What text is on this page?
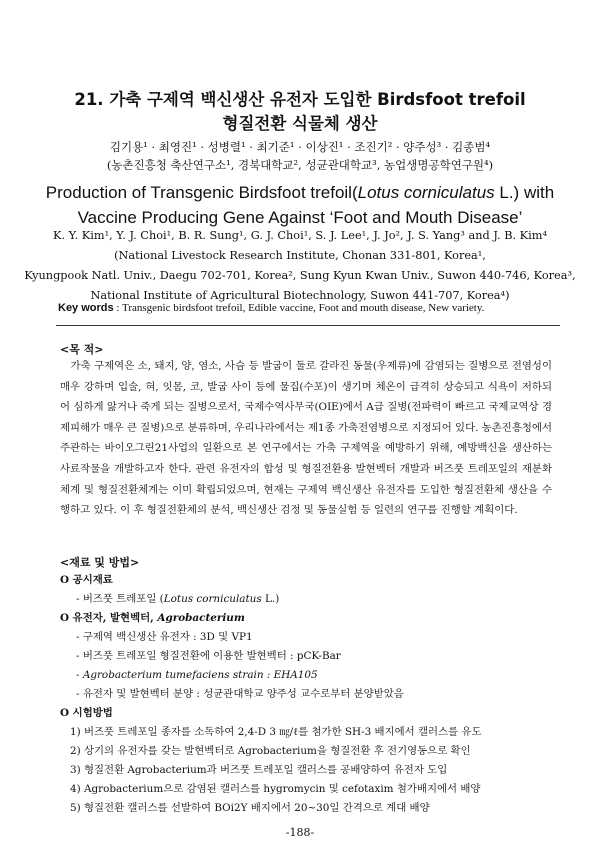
21. 가축 구제역 백신생산 유전자 도입한 Birdsfoot trefoil
형질전환 식물체 생산
김기용¹ · 최영진¹ · 성병렬¹ · 최기준¹ · 이상진¹ · 조진기² · 양주성³ · 김종범⁴
(농촌진흥청 축산연구소¹, 경북대학교², 성균관대학교³, 농업생명공학연구원⁴)
Production of Transgenic Birdsfoot trefoil(Lotus corniculatus L.) with
Vaccine Producing Gene Against ‘Foot and Mouth Disease’
K. Y. Kim¹, Y. J. Choi¹, B. R. Sung¹, G. J. Choi¹, S. J. Lee¹, J. Jo², J. S. Yang³ and J. B. Kim⁴
(National Livestock Research Institute, Chonan 331-801, Korea¹,
Kyungpook Natl. Univ., Daegu 702-701, Korea², Sung Kyun Kwan Univ., Suwon 440-746, Korea³,
National Institute of Agricultural Biotechnology, Suwon 441-707, Korea⁴)
Key words : Transgenic birdsfoot trefoil, Edible vaccine, Foot and mouth disease, New variety.
<목 적>
　가축 구제역은 소, 돼지, 양, 염소, 사슴 등 발굽이 둘로 갈라진 동물(우제류)에 감염되는 질병으로 전염성이 매우 강하며 입술, 혀, 잇몸, 코, 발굽 사이 등에 물집(수포)이 생기며 체온이 급격히 상승되고 식욕이 저하되어 심하게 앓거나 죽게 되는 질병으로서, 국제수역사무국(OIE)에서 A급 질병(전파력이 빠르고 국제교역상 경제피해가 매우 큰 질병)으로 분류하며, 우리나라에서는 제1종 가축전염병으로 지정되어 있다. 농촌진흥청에서 주관하는 바이오그린21사업의 일환으로 본 연구에서는 가축 구제역을 예방하기 위해, 예방백신을 생산하는 사료작물을 개발하고자 한다. 관련 유전자의 합성 및 형질전환용 발현벡터 개발과 버즈풋 트레포일의 재분화체계 및 형질전환체계는 이미 확립되었으며, 현재는 구제역 백신생산 유전자를 도입한 형질전환체 생산을 수행하고 있다. 이 후 형질전환체의 분석, 백신생산 검정 및 동물실험 등 일련의 연구를 진행할 계획이다.
<재료 및 방법>
O 공시재료
- 버즈풋 트레포일 (Lotus corniculatus L.)
O 유전자, 발현벡터, Agrobacterium
- 구제역 백신생산 유전자 : 3D 및 VP1
- 버즈풋 트레포일 형질전환에 이용한 발현벡터 : pCK-Bar
- Agrobacterium tumefaciens strain : EHA105
- 유전자 및 발현벡터 분양 : 성균관대학교 양주성 교수로부터 분양받았음
O 시험방법
1) 버즈풋 트레포일 종자를 소독하여 2,4-D 3 ㎎/ℓ를 첨가한 SH-3 배지에서 캘러스를 유도
2) 상기의 유전자를 갖는 발현벡터로 Agrobacterium을 형질전환 후 전기영동으로 확인
3) 형질전환 Agrobacterium과 버즈풋 트레포일 캘러스를 공배양하여 유전자 도입
4) Agrobacterium으로 감염된 캘러스를 hygromycin 및 cefotaxim 첨가배지에서 배양
5) 형질전환 캘러스를 선발하여 BOi2Y 배지에서 20~30일 간격으로 계대 배양
-188-
